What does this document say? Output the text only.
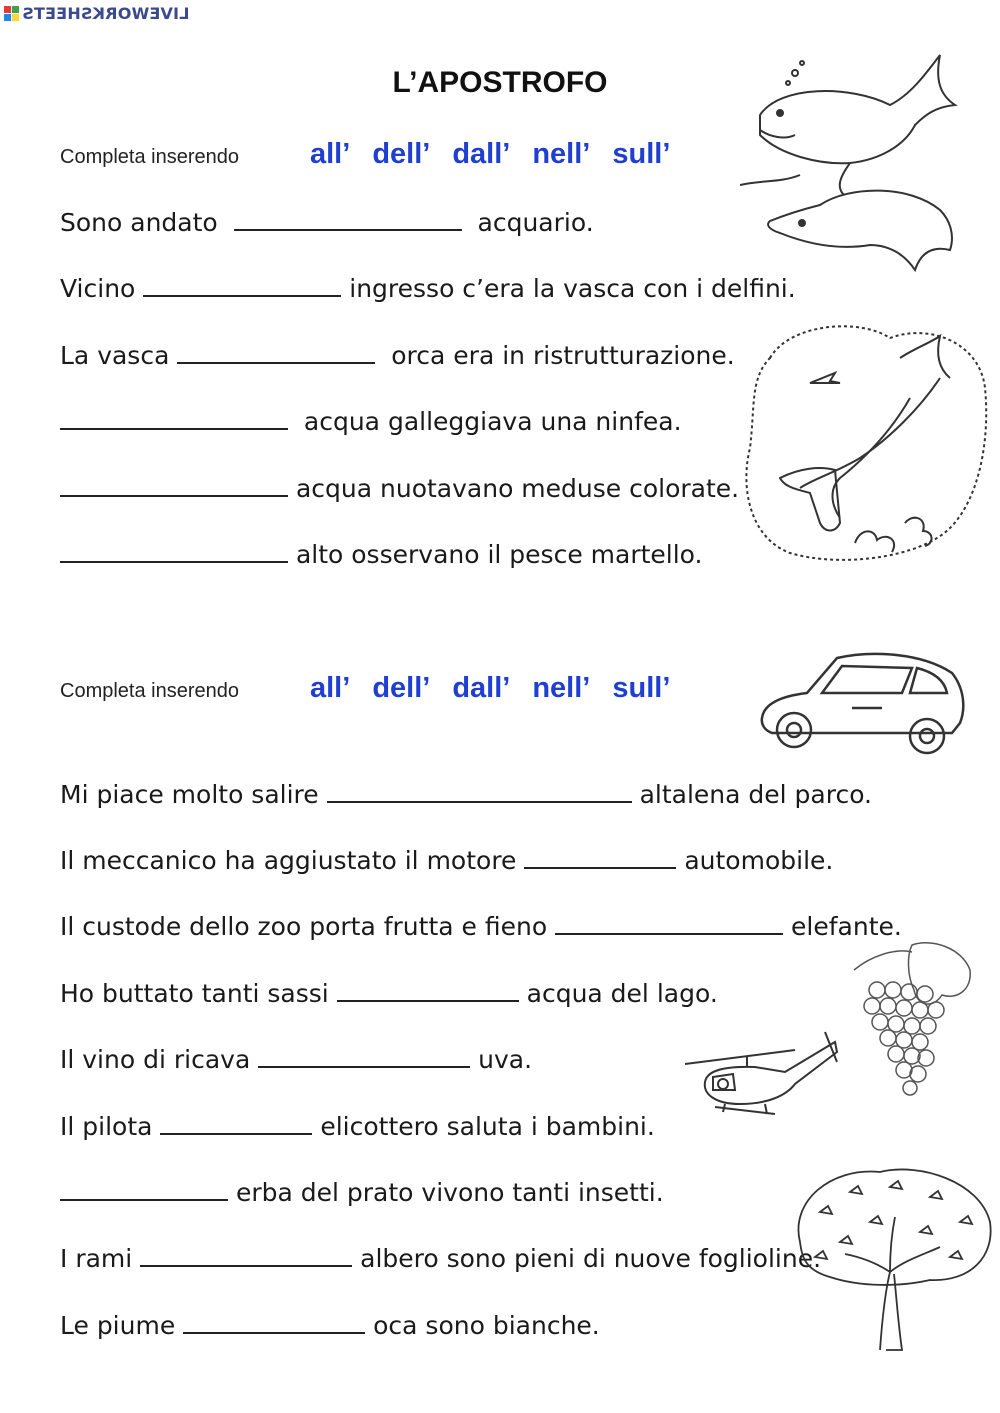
LIVEWORKSHEETS
L’APOSTROFO
Completa inserendo	all’ dell’ dall’ nell’ sull’
Sono andato	acquario.
Vicino	ingresso c’era la vasca con i delfini.
La vasca	orca era in ristrutturazione.
acqua galleggiava una ninfea.
acqua nuotavano meduse colorate.
alto osservano il pesce martello.
Completa inserendo	all’ dell’ dall’ nell’ sull’
Mi piace molto salire	altalena del parco.
Il meccanico ha aggiustato il motore	automobile.
Il custode dello zoo porta frutta e fieno	elefante.
Ho buttato tanti sassi	acqua del lago.
Il vino di ricava	uva.
Il pilota	elicottero saluta i bambini.
erba del prato vivono tanti insetti.
I rami	albero sono pieni di nuove foglioline.
Le piume	oca sono bianche.
